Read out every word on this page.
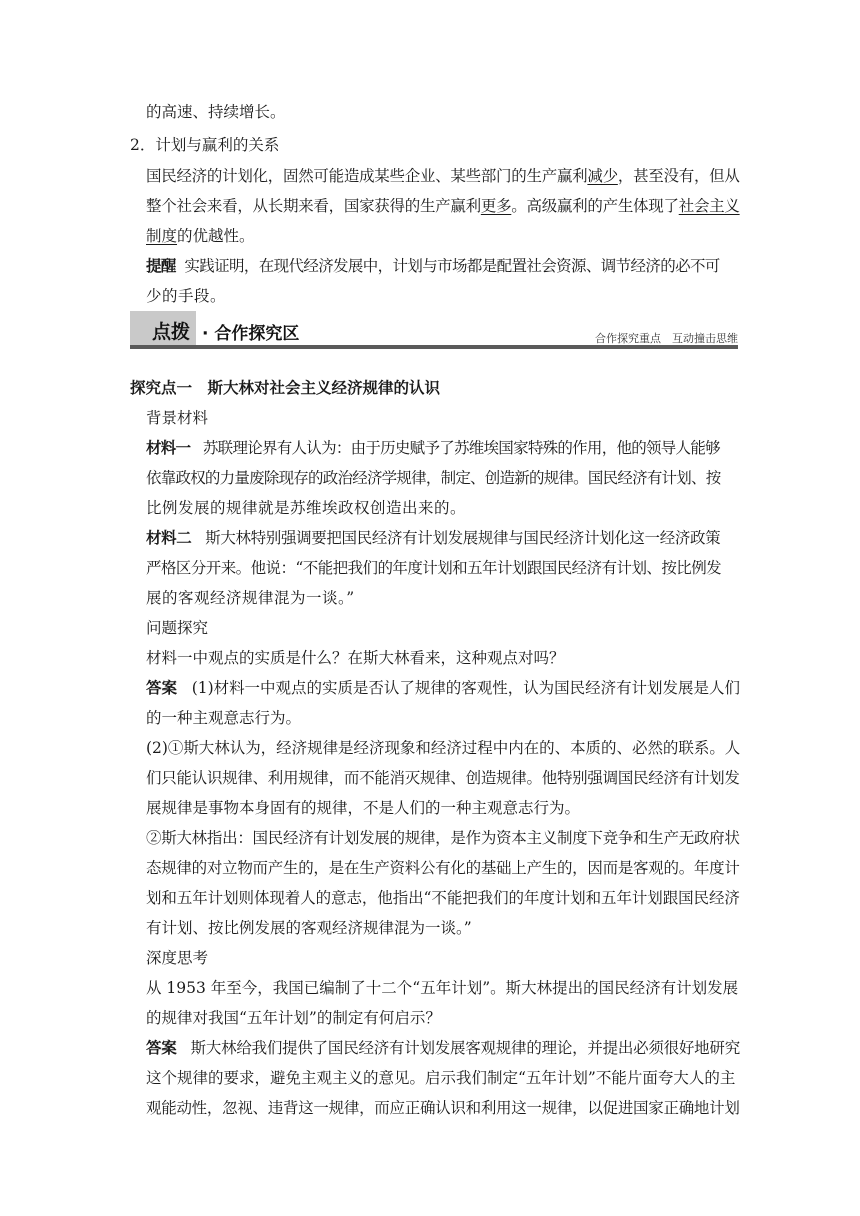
的高速、持续增长。
2．计划与赢利的关系
国民经济的计划化，固然可能造成某些企业、某些部门的生产赢利减少，甚至没有，但从
整个社会来看，从长期来看，国家获得的生产赢利更多。高级赢利的产生体现了社会主义
制度的优越性。
提醒 实践证明，在现代经济发展中，计划与市场都是配置社会资源、调节经济的必不可
少的手段。
点拨 · 合作探究区	合作探究重点　互动撞击思维
探究点一　斯大林对社会主义经济规律的认识
背景材料
材料一 苏联理论界有人认为：由于历史赋予了苏维埃国家特殊的作用，他的领导人能够
依靠政权的力量废除现存的政治经济学规律，制定、创造新的规律。国民经济有计划、按
比例发展的规律就是苏维埃政权创造出来的。
材料二 斯大林特别强调要把国民经济有计划发展规律与国民经济计划化这一经济政策
严格区分开来。他说：“不能把我们的年度计划和五年计划跟国民经济有计划、按比例发
展的客观经济规律混为一谈。”
问题探究
材料一中观点的实质是什么？在斯大林看来，这种观点对吗？
答案 (1)材料一中观点的实质是否认了规律的客观性，认为国民经济有计划发展是人们
的一种主观意志行为。
(2)①斯大林认为，经济规律是经济现象和经济过程中内在的、本质的、必然的联系。人
们只能认识规律、利用规律，而不能消灭规律、创造规律。他特别强调国民经济有计划发
展规律是事物本身固有的规律，不是人们的一种主观意志行为。
②斯大林指出：国民经济有计划发展的规律，是作为资本主义制度下竞争和生产无政府状
态规律的对立物而产生的，是在生产资料公有化的基础上产生的，因而是客观的。年度计
划和五年计划则体现着人的意志，他指出“不能把我们的年度计划和五年计划跟国民经济
有计划、按比例发展的客观经济规律混为一谈。”
深度思考
从 1953 年至今，我国已编制了十二个“五年计划”。斯大林提出的国民经济有计划发展
的规律对我国“五年计划”的制定有何启示？
答案 斯大林给我们提供了国民经济有计划发展客观规律的理论，并提出必须很好地研究
这个规律的要求，避免主观主义的意见。启示我们制定“五年计划”不能片面夸大人的主
观能动性，忽视、违背这一规律，而应正确认识和利用这一规律，以促进国家正确地计划
